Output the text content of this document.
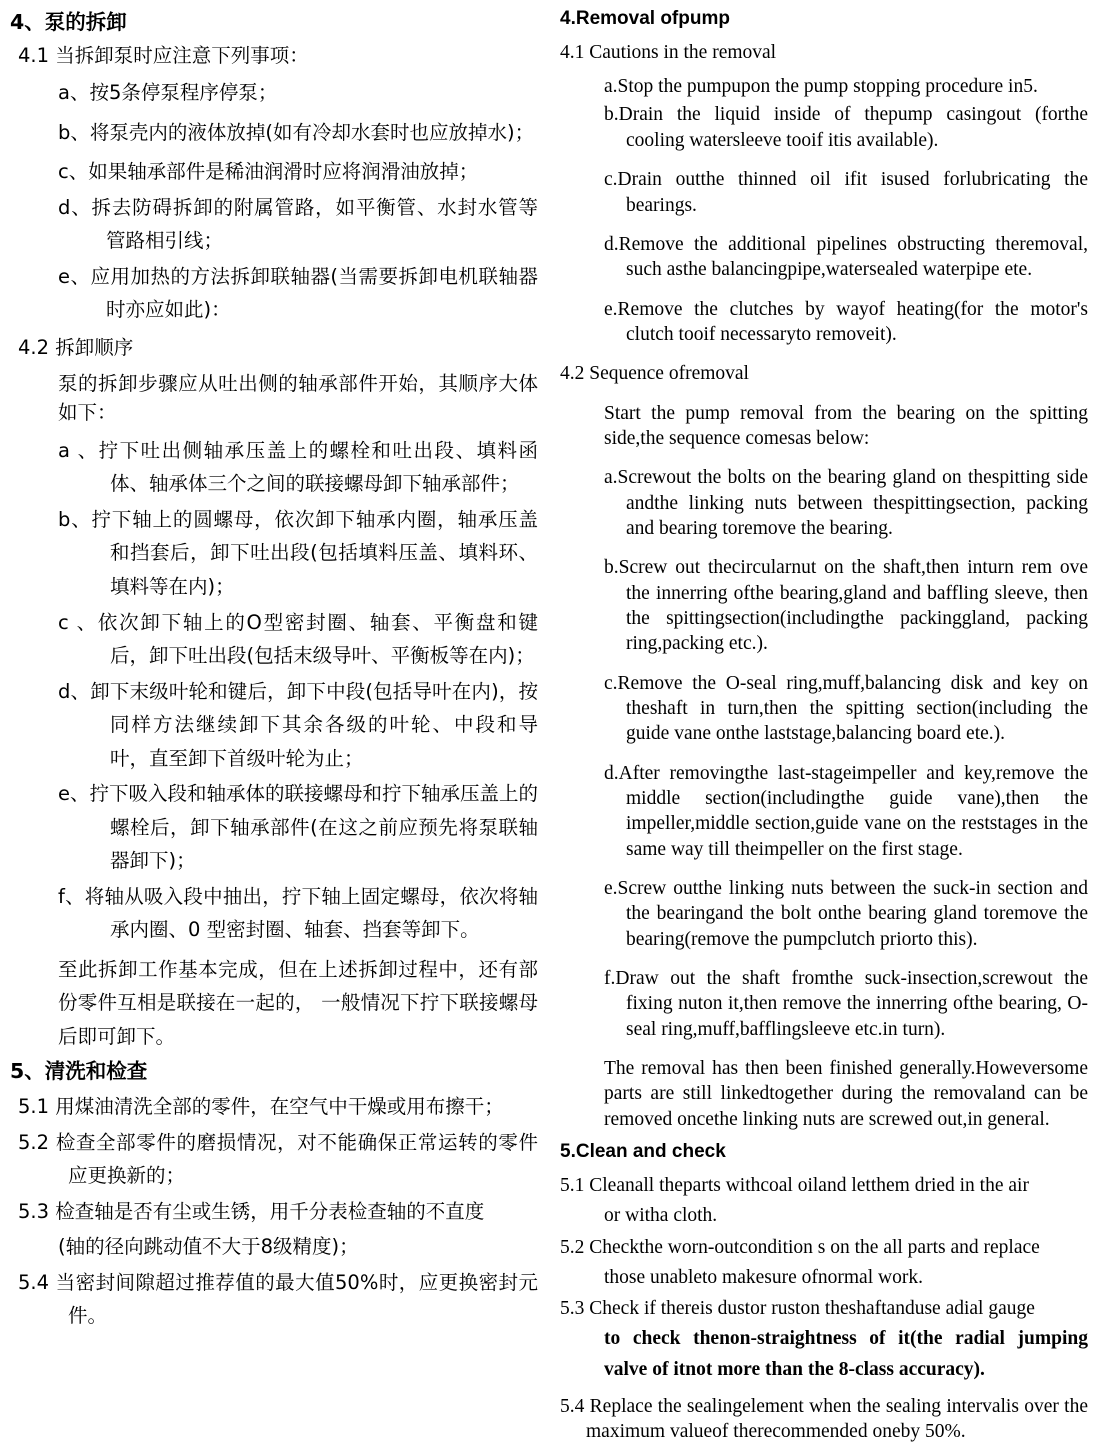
4、泵的拆卸

4.1 当拆卸泵时应注意下列事项：

a、按5条停泵程序停泵；

b、将泵壳内的液体放掉(如有冷却水套时也应放掉水)；

c、如果轴承部件是稀油润滑时应将润滑油放掉；

d、拆去防碍拆卸的附属管路，如平衡管、水封水管等管路相引线；

e、应用加热的方法拆卸联轴器(当需要拆卸电机联轴器时亦应如此)：

4.2 拆卸顺序

泵的拆卸步骤应从吐出侧的轴承部件开始，其顺序大体如下：

a 、拧下吐出侧轴承压盖上的螺栓和吐出段、填料函体、轴承体三个之间的联接螺母卸下轴承部件；

b、拧下轴上的圆螺母，依次卸下轴承内圈，轴承压盖和挡套后，卸下吐出段(包括填料压盖、填料环、填料等在内)；

c 、依次卸下轴上的O型密封圈、轴套、平衡盘和键后，卸下吐出段(包括末级导叶、平衡板等在内)；

d、卸下末级叶轮和键后，卸下中段(包括导叶在内)，按同样方法继续卸下其余各级的叶轮、中段和导叶，直至卸下首级叶轮为止；

e、拧下吸入段和轴承体的联接螺母和拧下轴承压盖上的螺栓后，卸下轴承部件(在这之前应预先将泵联轴器卸下)；

f、将轴从吸入段中抽出，拧下轴上固定螺母，依次将轴承内圈、0 型密封圈、轴套、挡套等卸下。

至此拆卸工作基本完成，但在上述拆卸过程中，还有部份零件互相是联接在一起的， 一般情况下拧下联接螺母后即可卸下。

5、清洗和检查

5.1 用煤油清洗全部的零件，在空气中干燥或用布擦干；

5.2 检查全部零件的磨损情况，对不能确保正常运转的零件应更换新的；

5.3 检查轴是否有尘或生锈，用千分表检查轴的不直度

(轴的径向跳动值不大于8级精度)；

5.4 当密封间隙超过推荐值的最大值50%时，应更换密封元件。

4.Removal ofpump

4.1 Cautions in the removal

a.Stop the pumpupon the pump stopping procedure in5.

b.Drain the liquid inside of thepump casingout (forthe cooling watersleeve tooif itis available).

c.Drain outthe thinned oil ifit isused forlubricating the bearings.

d.Remove the additional pipelines obstructing theremoval, such asthe balancingpipe,watersealed waterpipe ete.

e.Remove the clutches by wayof heating(for the motor's clutch tooif necessaryto removeit).

4.2 Sequence ofremoval

Start the pump removal from the bearing on the spitting side,the sequence comesas below:

a.Screwout the bolts on the bearing gland on thespitting side andthe linking nuts between thespittingsection, packing and bearing toremove the bearing.

b.Screw out thecircularnut on the shaft,then inturn rem ove the innerring ofthe bearing,gland and baffling sleeve, then the spittingsection(includingthe packinggland, packing ring,packing etc.).

c.Remove the O-seal ring,muff,balancing disk and key on theshaft in turn,then the spitting section(including the guide vane onthe laststage,balancing board ete.).

d.After removingthe last-stageimpeller and key,remove the middle section(includingthe guide vane),then the impeller,middle section,guide vane on the reststages in the same way till theimpeller on the first stage.

e.Screw outthe linking nuts between the suck-in section and the bearingand the bolt onthe bearing gland toremove the bearing(remove the pumpclutch priorto this).

f.Draw out the shaft fromthe suck-insection,screwout the fixing nuton it,then remove the innerring ofthe bearing, O-seal ring,muff,bafflingsleeve etc.in turn).

The removal has then been finished generally.Howeversome parts are still linkedtogether during the removaland can be removed oncethe linking nuts are screwed out,in general.

5.Clean and check

5.1 Cleanall theparts withcoal oiland letthem dried in the air

or witha cloth.

5.2 Checkthe worn-outcondition s on the all parts and replace

those unableto makesure ofnormal work.

5.3 Check if thereis dustor ruston theshaftanduse adial gauge

to check thenon-straightness of it(the radial jumping valve of itnot more than the 8-class accuracy).

5.4 Replace the sealingelement when the sealing intervalis over the maximum valueof therecommended oneby 50%.
